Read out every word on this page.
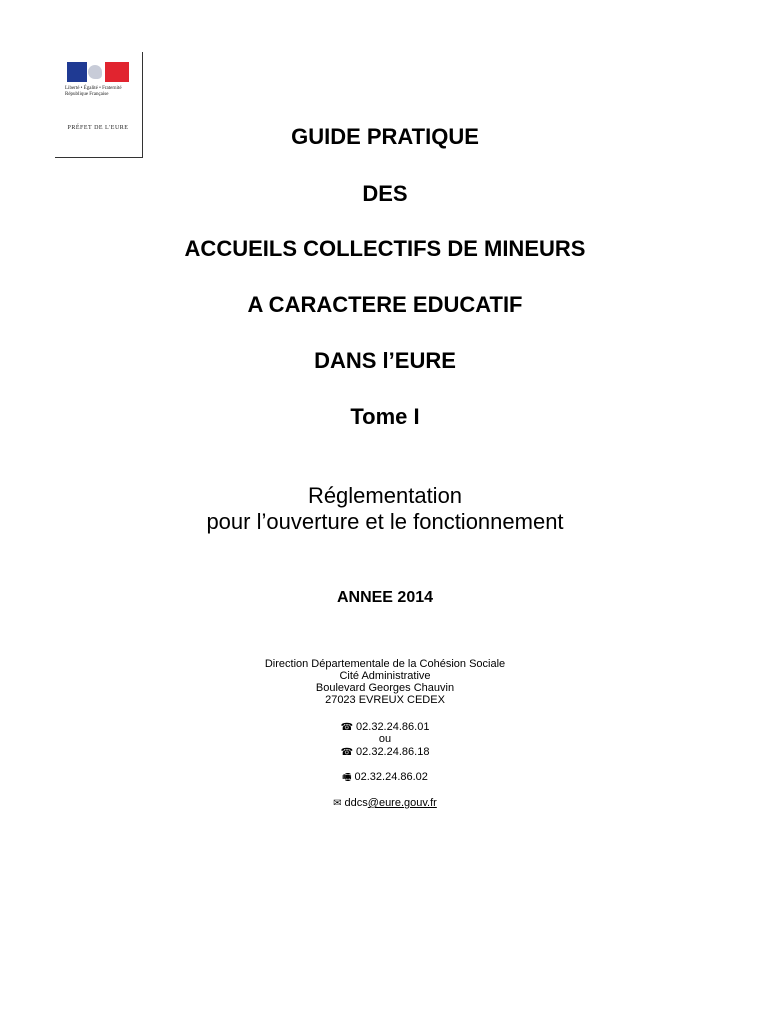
Liberté • Égalité • Fraternité République Française
PRÉFET DE L'EURE	GUIDE PRATIQUE
DES
ACCUEILS COLLECTIFS DE MINEURS
A CARACTERE EDUCATIF
DANS l’EURE
Tome I
Réglementation
pour l’ouverture et le fonctionnement
ANNEE 2014
Direction Départementale de la Cohésion Sociale
Cité Administrative
Boulevard Georges Chauvin
27023 EVREUX CEDEX
☎ 02.32.24.86.01
ou
☎ 02.32.24.86.18
🖷 02.32.24.86.02
✉ ddcs@eure.gouv.fr
